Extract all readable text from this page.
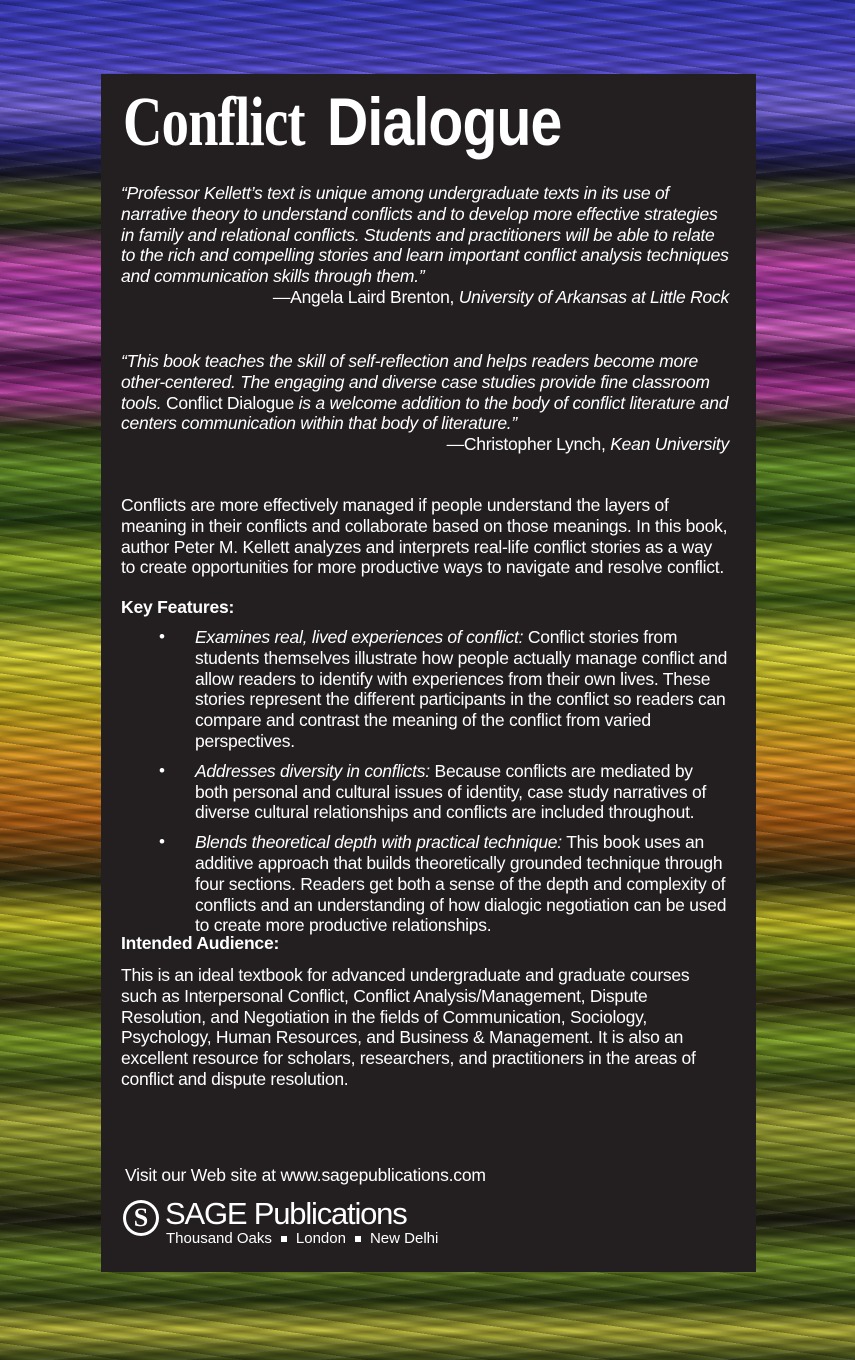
Conflict Dialogue

“Professor Kellett’s text is unique among undergraduate texts in its use of narrative theory to understand conflicts and to develop more effective strategies in family and relational conflicts. Students and practitioners will be able to relate to the rich and compelling stories and learn important conflict analysis techniques and communication skills through them.”

—Angela Laird Brenton, University of Arkansas at Little Rock

“This book teaches the skill of self-reflection and helps readers become more other-centered. The engaging and diverse case studies provide fine classroom tools. Conflict Dialogue is a welcome addition to the body of conflict literature and centers communication within that body of literature.”

—Christopher Lynch, Kean University

Conflicts are more effectively managed if people understand the layers of meaning in their conflicts and collaborate based on those meanings. In this book, author Peter M. Kellett analyzes and interprets real-life conflict stories as a way to create opportunities for more productive ways to navigate and resolve conflict.

Key Features:

• Examines real, lived experiences of conflict: Conflict stories from students themselves illustrate how people actually manage conflict and allow readers to identify with experiences from their own lives. These stories represent the different participants in the conflict so readers can compare and contrast the meaning of the conflict from varied perspectives.
• Addresses diversity in conflicts: Because conflicts are mediated by both personal and cultural issues of identity, case study narratives of diverse cultural relationships and conflicts are included throughout.
• Blends theoretical depth with practical technique: This book uses an additive approach that builds theoretically grounded technique through four sections. Readers get both a sense of the depth and complexity of conflicts and an understanding of how dialogic negotiation can be used to create more productive relationships.

Intended Audience:

This is an ideal textbook for advanced undergraduate and graduate courses such as Interpersonal Conflict, Conflict Analysis/Management, Dispute Resolution, and Negotiation in the fields of Communication, Sociology, Psychology, Human Resources, and Business & Management. It is also an excellent resource for scholars, researchers, and practitioners in the areas of conflict and dispute resolution.

Visit our Web site at www.sagepublications.com

S SAGE Publications

Thousand Oaks London New Delhi
